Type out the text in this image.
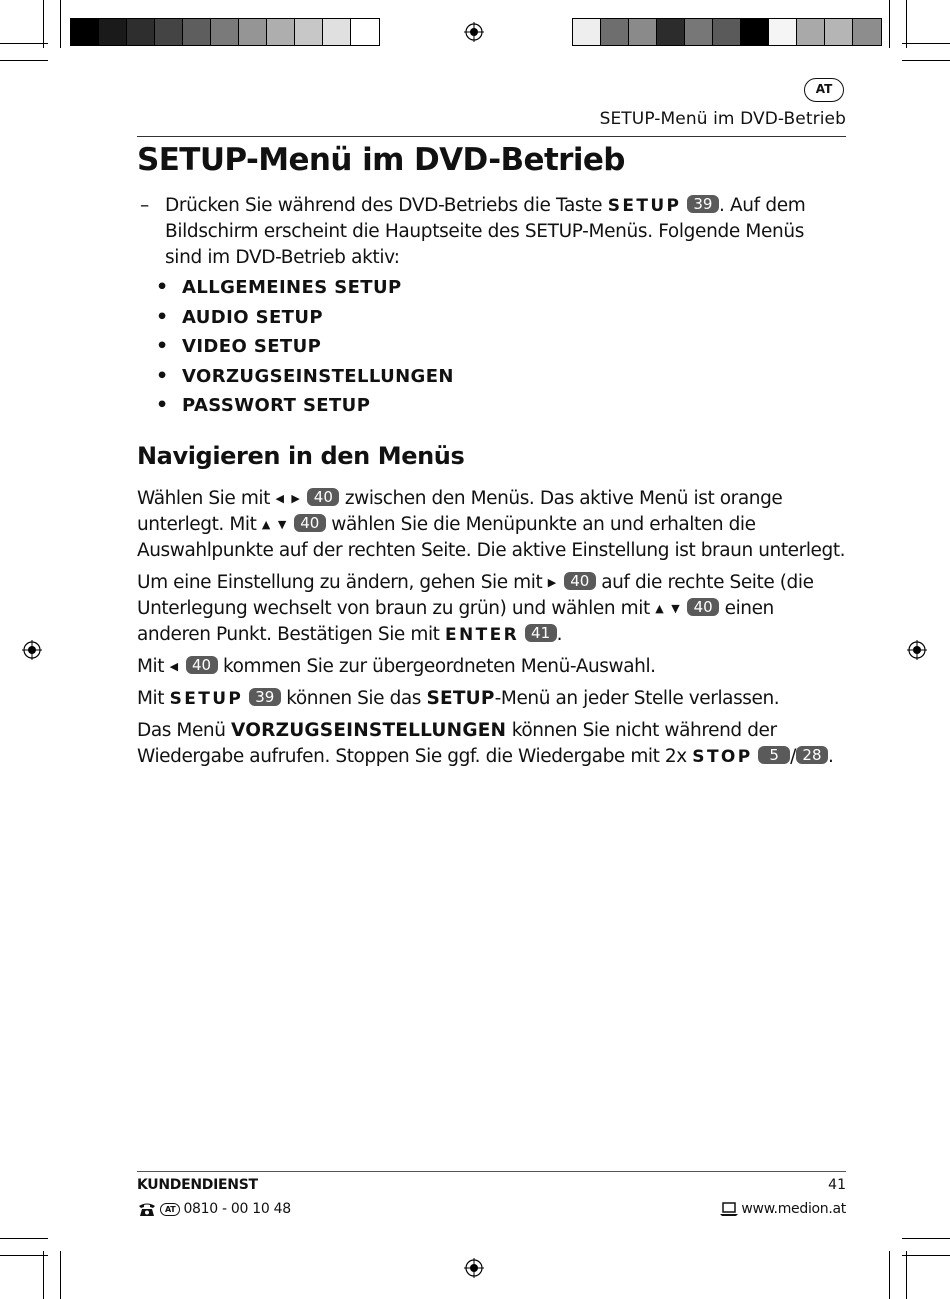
AT
SETUP-Menü im DVD-Betrieb
SETUP-Menü im DVD-Betrieb
– Drücken Sie während des DVD-Betriebs die Taste SETUP 39 . Auf dem Bildschirm erscheint die Hauptseite des SETUP-Menüs. Folgende Menüs sind im DVD-Betrieb aktiv:
• ALLGEMEINES SETUP
• AUDIO SETUP
• VIDEO SETUP
• VORZUGSEINSTELLUNGEN
• PASSWORT SETUP
Navigieren in den Menüs

Wählen Sie mit ◀ ▶ 40 zwischen den Menüs. Das aktive Menü ist orange unterlegt. Mit ▲ ▼ 40 wählen Sie die Menüpunkte an und erhalten die Auswahlpunkte auf der rechten Seite. Die aktive Einstellung ist braun unterlegt.

Um eine Einstellung zu ändern, gehen Sie mit ▶ 40 auf die rechte Seite (die Unterlegung wechselt von braun zu grün) und wählen mit ▲ ▼ 40 einen anderen Punkt. Bestätigen Sie mit ENTER 41 .

Mit ◀ 40 kommen Sie zur übergeordneten Menü-Auswahl.

Mit SETUP 39 können Sie das SETUP-Menü an jeder Stelle verlassen.

Das Menü VORZUGSEINSTELLUNGEN können Sie nicht während der Wiedergabe aufrufen. Stoppen Sie ggf. die Wiedergabe mit 2x STOP 5 / 28 .

KUNDENDIENST	41
AT 0810 - 00 10 48	www.medion.at
